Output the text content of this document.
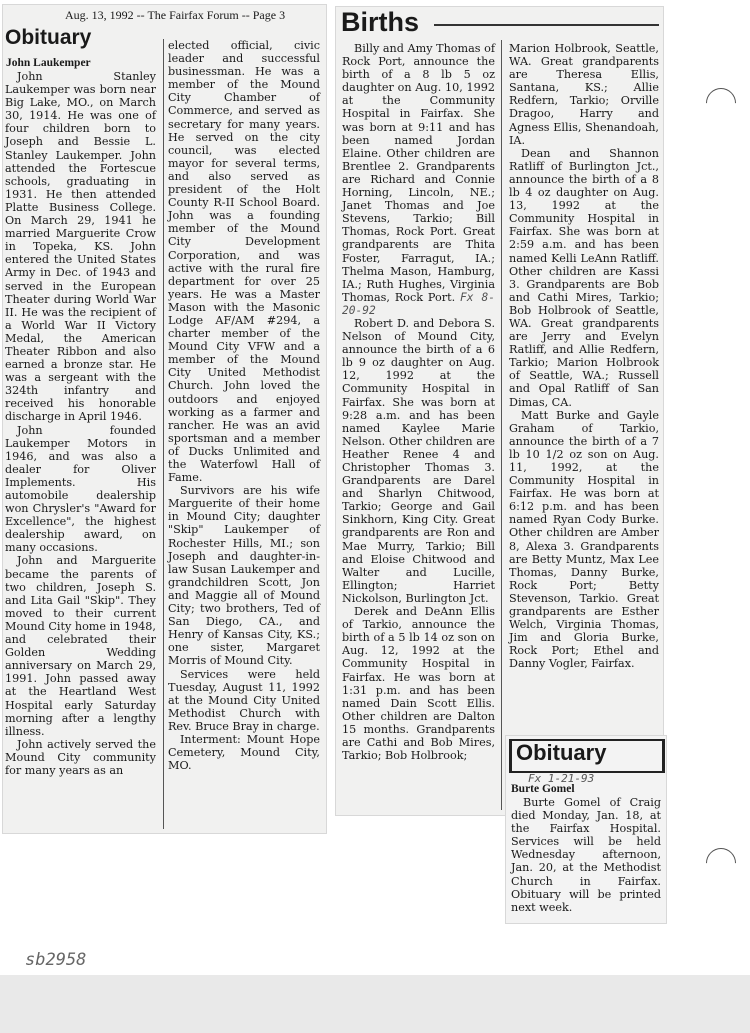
Aug. 13, 1992 -- The Fairfax Forum -- Page 3
Obituary
John Laukemper

John Stanley Laukemper was born near Big Lake, MO., on March 30, 1914. He was one of four children born to Joseph and Bessie L. Stanley Laukemper. John attended the Fortescue schools, graduating in 1931. He then attended Platte Business College. On March 29, 1941 he married Marguerite Crow in Topeka, KS. John entered the United States Army in Dec. of 1943 and served in the European Theater during World War II. He was the recipient of a World War II Victory Medal, the American Theater Ribbon and also earned a bronze star. He was a sergeant with the 324th infantry and received his honorable discharge in April 1946.

John founded Laukemper Motors in 1946, and was also a dealer for Oliver Implements. His automobile dealership won Chrysler's "Award for Excellence", the highest dealership award, on many occasions.

John and Marguerite became the parents of two children, Joseph S. and Lita Gail "Skip". They moved to their current Mound City home in 1948, and celebrated their Golden Wedding anniversary on March 29, 1991. John passed away at the Heartland West Hospital early Saturday morning after a lengthy illness.

John actively served the Mound City community for many years as an

elected official, civic leader and successful businessman. He was a member of the Mound City Chamber of Commerce, and served as secretary for many years. He served on the city council, was elected mayor for several terms, and also served as president of the Holt County R-II School Board. John was a founding member of the Mound City Development Corporation, and was active with the rural fire department for over 25 years. He was a Master Mason with the Masonic Lodge AF/AM #294, a charter member of the Mound City VFW and a member of the Mound City United Methodist Church. John loved the outdoors and enjoyed working as a farmer and rancher. He was an avid sportsman and a member of Ducks Unlimited and the Waterfowl Hall of Fame.

Survivors are his wife Marguerite of their home in Mound City; daughter "Skip" Laukemper of Rochester Hills, MI.; son Joseph and daughter-in-law Susan Laukemper and grandchildren Scott, Jon and Maggie all of Mound City; two brothers, Ted of San Diego, CA., and Henry of Kansas City, KS.; one sister, Margaret Morris of Mound City.

Services were held Tuesday, August 11, 1992 at the Mound City United Methodist Church with Rev. Bruce Bray in charge.

Interment: Mount Hope Cemetery, Mound City, MO.

Births

Billy and Amy Thomas of Rock Port, announce the birth of a 8 lb 5 oz daughter on Aug. 10, 1992 at the Community Hospital in Fairfax. She was born at 9:11 and has been named Jordan Elaine. Other children are Brentlee 2. Grandparents are Richard and Connie Horning, Lincoln, NE.; Janet Thomas and Joe Stevens, Tarkio; Bill Thomas, Rock Port. Great grandparents are Thita Foster, Farragut, IA.; Thelma Mason, Hamburg, IA.; Ruth Hughes, Virginia Thomas, Rock Port. Fx 8-20-92

Robert D. and Debora S. Nelson of Mound City, announce the birth of a 6 lb 9 oz daughter on Aug. 12, 1992 at the Community Hospital in Fairfax. She was born at 9:28 a.m. and has been named Kaylee Marie Nelson. Other children are Heather Renee 4 and Christopher Thomas 3. Grandparents are Darel and Sharlyn Chitwood, Tarkio; George and Gail Sinkhorn, King City. Great grandparents are Ron and Mae Murry, Tarkio; Bill and Eloise Chitwood and Walter and Lucille, Ellington; Harriet Nickolson, Burlington Jct.

Derek and DeAnn Ellis of Tarkio, announce the birth of a 5 lb 14 oz son on Aug. 12, 1992 at the Community Hospital in Fairfax. He was born at 1:31 p.m. and has been named Dain Scott Ellis. Other children are Dalton 15 months. Grandparents are Cathi and Bob Mires, Tarkio; Bob Holbrook;

Marion Holbrook, Seattle, WA. Great grandparents are Theresa Ellis, Santana, KS.; Allie Redfern, Tarkio; Orville Dragoo, Harry and Agness Ellis, Shenandoah, IA.

Dean and Shannon Ratliff of Burlington Jct., announce the birth of a 8 lb 4 oz daughter on Aug. 13, 1992 at the Community Hospital in Fairfax. She was born at 2:59 a.m. and has been named Kelli LeAnn Ratliff. Other children are Kassi 3. Grandparents are Bob and Cathi Mires, Tarkio; Bob Holbrook of Seattle, WA. Great grandparents are Jerry and Evelyn Ratliff, and Allie Redfern, Tarkio; Marion Holbrook of Seattle, WA.; Russell and Opal Ratliff of San Dimas, CA.

Matt Burke and Gayle Graham of Tarkio, announce the birth of a 7 lb 10 1/2 oz son on Aug. 11, 1992, at the Community Hospital in Fairfax. He was born at 6:12 p.m. and has been named Ryan Cody Burke. Other children are Amber 8, Alexa 3. Grandparents are Betty Muntz, Max Lee Thomas, Danny Burke, Rock Port; Betty Stevenson, Tarkio. Great grandparents are Esther Welch, Virginia Thomas, Jim and Gloria Burke, Rock Port; Ethel and Danny Vogler, Fairfax.

Obituary
Fx 1-21-93
Burte Gomel

Burte Gomel of Craig died Monday, Jan. 18, at the Fairfax Hospital. Services will be held Wednesday afternoon, Jan. 20, at the Methodist Church in Fairfax. Obituary will be printed next week.

sb2958
